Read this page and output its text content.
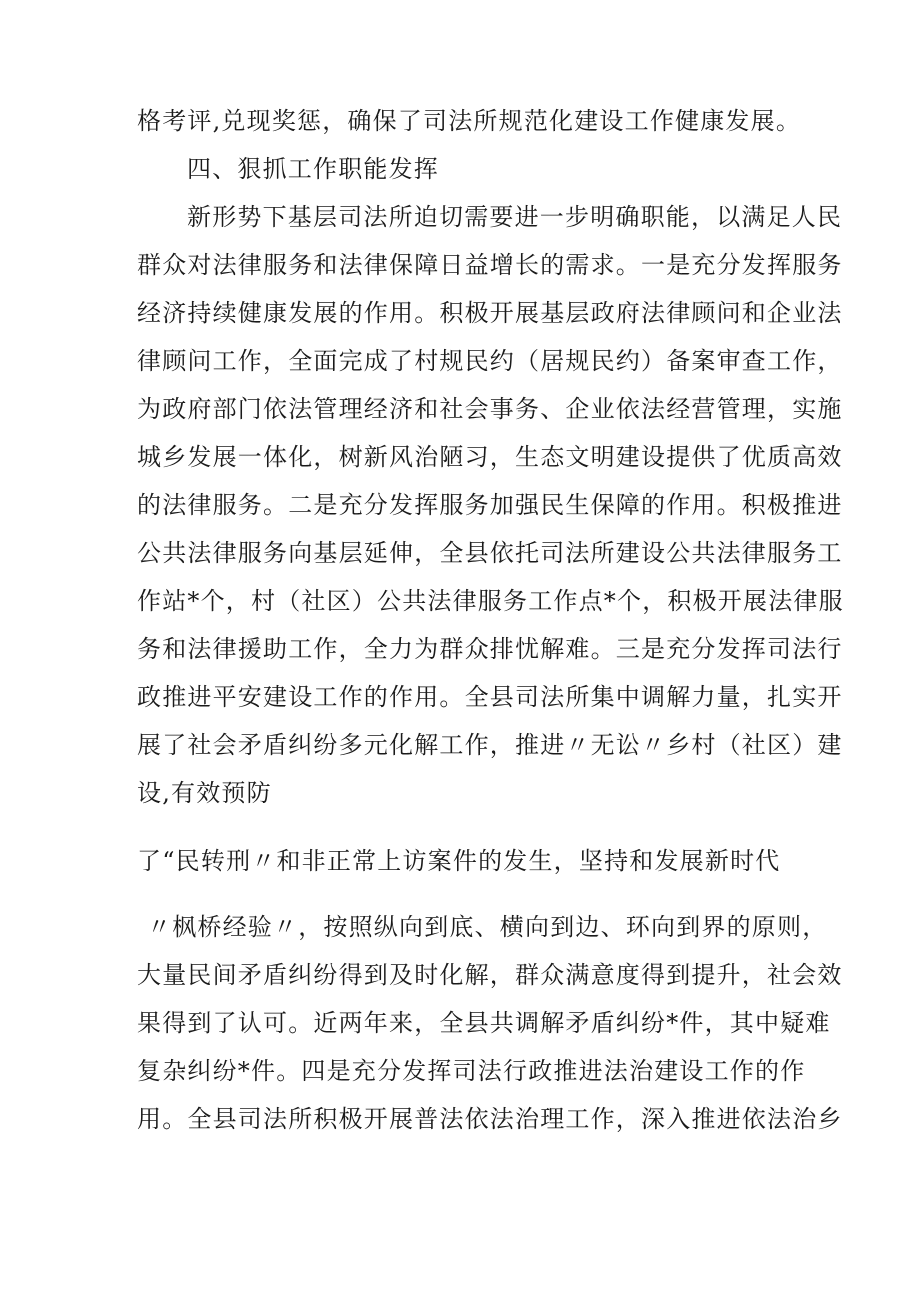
格考评,兑现奖惩，确保了司法所规范化建设工作健康发展。
四、狠抓工作职能发挥
新形势下基层司法所迫切需要进一步明确职能，以满足人民
群众对法律服务和法律保障日益增长的需求。一是充分发挥服务
经济持续健康发展的作用。积极开展基层政府法律顾问和企业法
律顾问工作，全面完成了村规民约（居规民约）备案审查工作，
为政府部门依法管理经济和社会事务、企业依法经营管理，实施
城乡发展一体化，树新风治陋习，生态文明建设提供了优质高效
的法律服务。二是充分发挥服务加强民生保障的作用。积极推进
公共法律服务向基层延伸，全县依托司法所建设公共法律服务工
作站*个，村（社区）公共法律服务工作点*个，积极开展法律服
务和法律援助工作，全力为群众排忧解难。三是充分发挥司法行
政推进平安建设工作的作用。全县司法所集中调解力量，扎实开
展了社会矛盾纠纷多元化解工作，推进〃无讼〃乡村（社区）建
设,有效预防
了“民转刑〃和非正常上访案件的发生，坚持和发展新时代
〃枫桥经验〃，按照纵向到底、横向到边、环向到界的原则，
大量民间矛盾纠纷得到及时化解，群众满意度得到提升，社会效
果得到了认可。近两年来，全县共调解矛盾纠纷*件，其中疑难
复杂纠纷*件。四是充分发挥司法行政推进法治建设工作的作
用。全县司法所积极开展普法依法治理工作，深入推进依法治乡
